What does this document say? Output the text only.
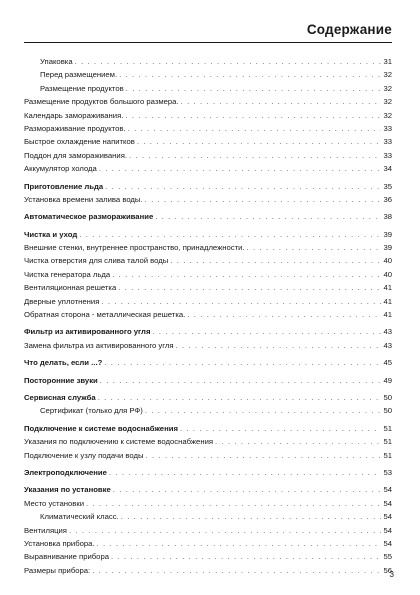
Содержание
Упаковка . . .	31
Перед размещением. . . .	32
Размещение продуктов . . .	32
Размещение продуктов большого размера. . . .	32
Календарь замораживания. . . .	32
Размораживание продуктов. . . .	33
Быстрое охлаждение напитков . . .	33
Поддон для замораживания. . . .	33
Аккумулятор холода . . .	34
Приготовление льда . . .	35
Установка времени залива воды. . . .	36
Автоматическое размораживание . . .	38
Чистка и уход . . .	39
Внешние стенки, внутреннее пространство, принадлежности. . . .	39
Чистка отверстия для слива талой воды . . .	40
Чистка генератора льда . . .	40
Вентиляционная решетка . . .	41
Дверные уплотнения . . .	41
Обратная сторона - металлическая решетка. . . .	41
Фильтр из активированного угля . . .	43
Замена фильтра из активированного угля . . .	43
Что делать, если ...? . . .	45
Посторонние звуки . . .	49
Сервисная служба . . .	50
Сертификат (только для РФ) . . .	50
Подключение к системе водоснабжения . . .	51
Указания по подключению к системе водоснабжения . . .	51
Подключение к узлу подачи воды . . .	51
Электроподключение . . .	53
Указания по установке . . .	54
Место установки . . .	54
Климатический класс. . . .	54
Вентиляция . . .	54
Установка прибора. . . .	54
Выравнивание прибора . . .	55
Размеры прибора: . . .	56
3
